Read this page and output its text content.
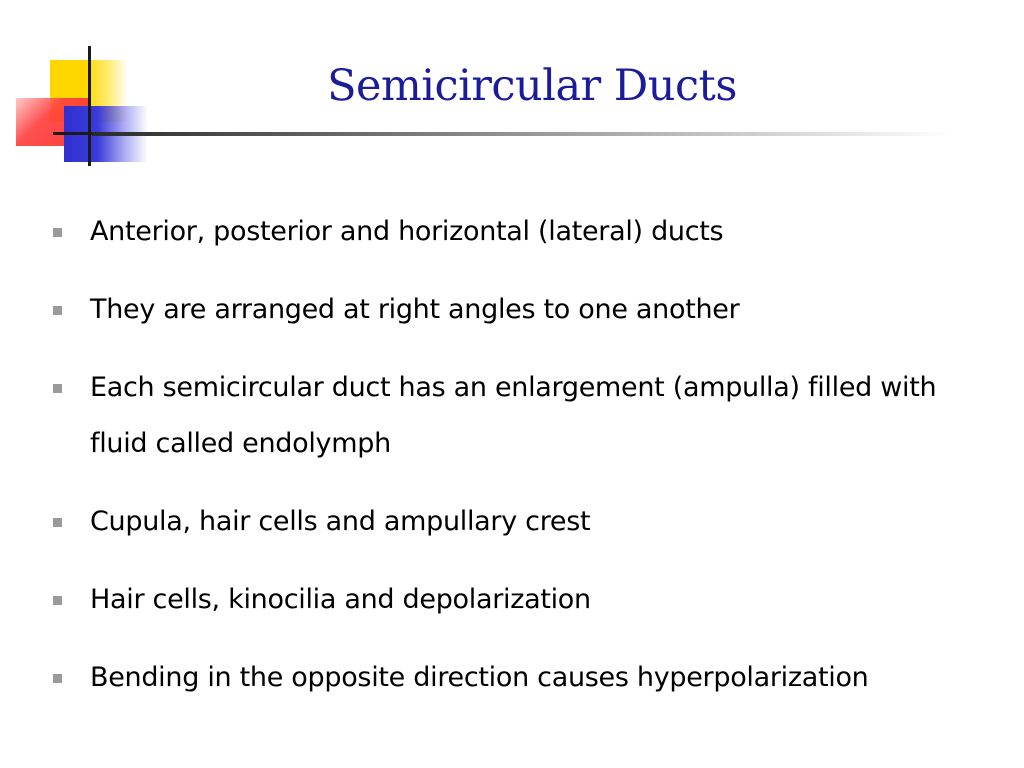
Semicircular Ducts
Anterior, posterior and horizontal (lateral) ducts
They are arranged at right angles to one another
Each semicircular duct has an enlargement (ampulla) filled with fluid called endolymph
Cupula, hair cells and ampullary crest
Hair cells, kinocilia and depolarization
Bending in the opposite direction causes hyperpolarization
